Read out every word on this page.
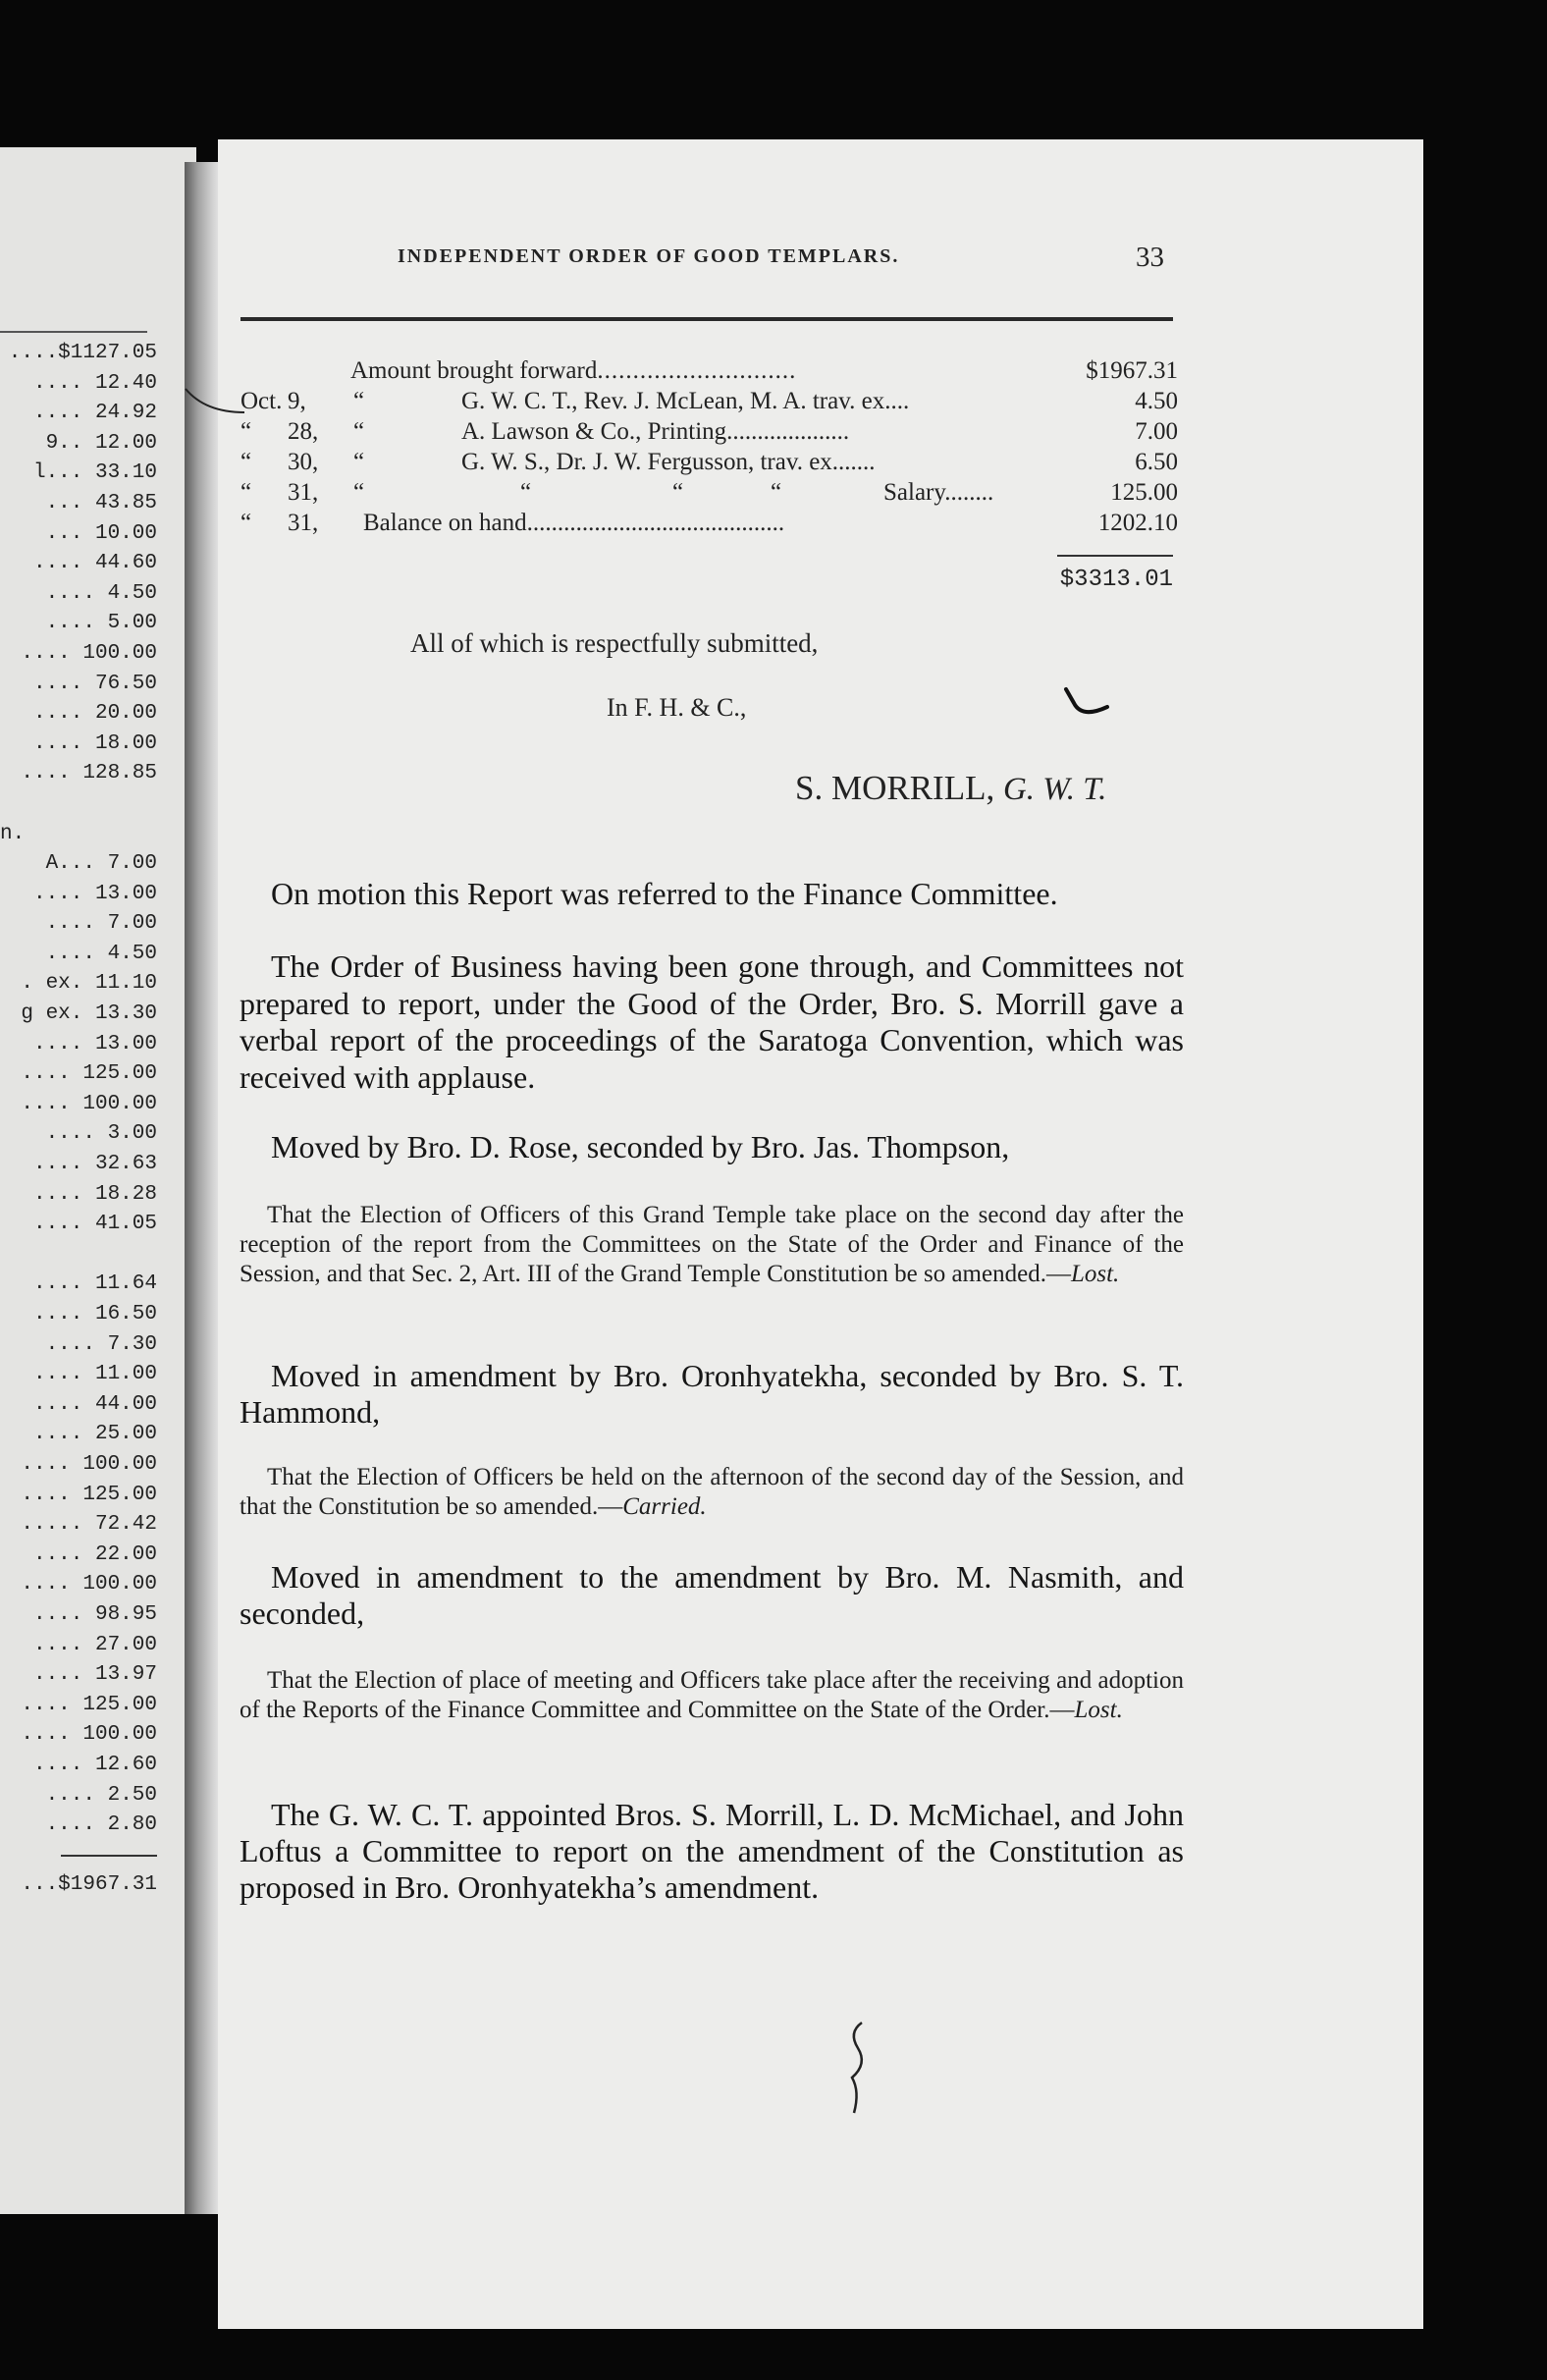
....$1127.05
.... 12.40
.... 24.92
9.. 12.00
l... 33.10
... 43.85
... 10.00
.... 44.60
.... 4.50
.... 5.00
.... 100.00
.... 76.50
.... 20.00
.... 18.00
.... 128.85
n.
A... 7.00
.... 13.00
.... 7.00
.... 4.50
. ex. 11.10
g ex. 13.30
.... 13.00
.... 125.00
.... 100.00
.... 3.00
.... 32.63
.... 18.28
.... 41.05
.... 11.64
.... 16.50
.... 7.30
.... 11.00
.... 44.00
.... 25.00
.... 100.00
.... 125.00
..... 72.42
.... 22.00
.... 100.00
.... 98.95
.... 27.00
.... 13.97
.... 125.00
.... 100.00
.... 12.60
.... 2.50
.... 2.80
...$1967.31
INDEPENDENT ORDER OF GOOD TEMPLARS.	33
Amount brought forward............................	$1967.31
Oct. 9, “	G. W. C. T., Rev. J. McLean, M. A. trav. ex....	4.50
“ 28, “	A. Lawson & Co., Printing....................	7.00
“ 30, “	G. W. S., Dr. J. W. Fergusson, trav. ex.......	6.50
“ 31, “	“	“	“	Salary........	125.00
“ 31, Balance on hand..........................................	1202.10
$3313.01
All of which is respectfully submitted,
In F. H. & C.,
S. MORRILL, G. W. T.
On motion this Report was referred to the Finance Committee.
The Order of Business having been gone through, and Committees not prepared to report, under the Good of the Order, Bro. S. Morrill gave a verbal report of the proceedings of the Saratoga Convention, which was received with applause.
Moved by Bro. D. Rose, seconded by Bro. Jas. Thompson,
That the Election of Officers of this Grand Temple take place on the second day after the reception of the report from the Committees on the State of the Order and Finance of the Session, and that Sec. 2, Art. III of the Grand Temple Constitution be so amended.—Lost.
Moved in amendment by Bro. Oronhyatekha, seconded by Bro. S. T. Hammond,
That the Election of Officers be held on the afternoon of the second day of the Session, and that the Constitution be so amended.—Carried.
Moved in amendment to the amendment by Bro. M. Nasmith, and seconded,
That the Election of place of meeting and Officers take place after the receiving and adoption of the Reports of the Finance Committee and Committee on the State of the Order.—Lost.
The G. W. C. T. appointed Bros. S. Morrill, L. D. McMichael, and John Loftus a Committee to report on the amendment of the Constitution as proposed in Bro. Oronhyatekha’s amendment.
